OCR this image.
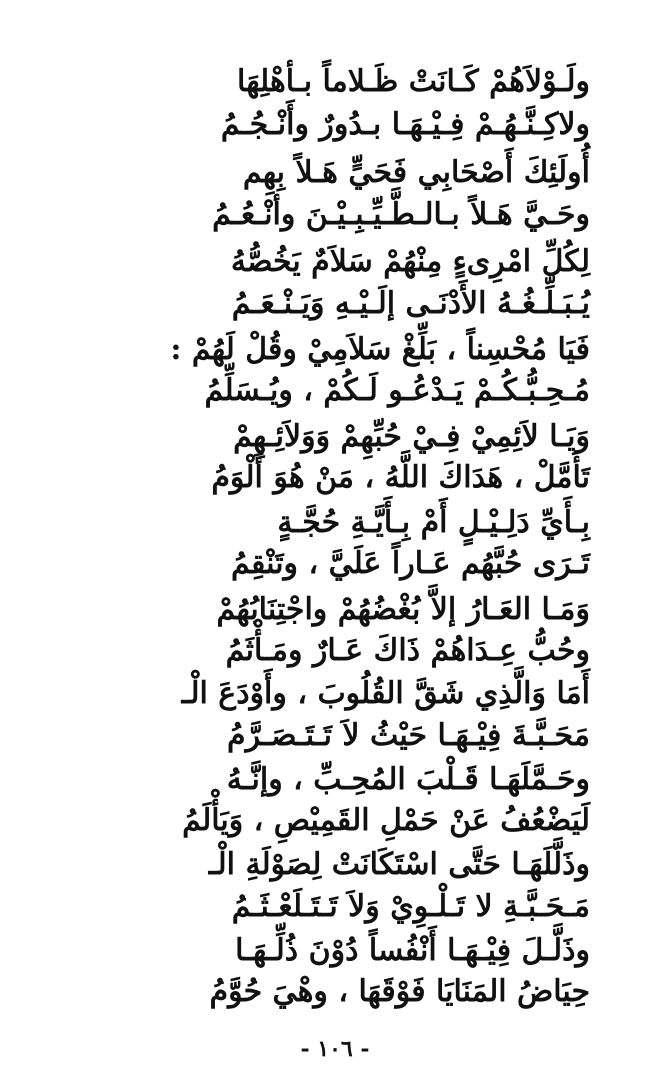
ولَـوْلاَهُمْ كَـانَتْ ظَـلاماً بـأهْلِهَا
ولاكِـنَّـهُـمْ فِـيْـهَـا بـدُورٌ وأَنْـجُـمُ
أُولَئِكَ أَصْحَابِي فَحَيٍّ هَـلاً بِهِم
وحَـيَّ هَـلاً بـالـطَّـيِّـبِـيْـنَ وأنْـعُـمُ
لِكُلِّ امْرِىءٍ مِنْهُمْ سَلاَمٌ يَخُصُّهُ
يُـبَـلِّـغُـهُ الأَدْنَـى إلَـيْـهِ وَيَـنْـعَـمُ
فَيَا مُحْسِناً ، بَلِّغْ سَلاَمِيْ وقُلْ لَهُمْ :
مُـحِـبُّـكُـمْ يَـدْعُـو لَـكُمْ ، ويُـسَلِّمُ
وَيَـا لاَئِمِيْ فِـيْ حُبِّهِمْ وَوَلاَئِـهِمْ
تَأَمَّلْ ، هَدَاكَ اللَّهُ ، مَنْ هُوَ أَلْوَمُ
بِـأَيِّ دَلِـيْـلٍ أَمْ بِـأَيَّـةِ حُجَّـةٍ
تَـرَى حُبَّهُم عَـاراً عَلَيَّ ، وتَنْقِمُ
وَمَـا العَـارُ إلاَّ بُغْضُهُمْ واجْتِنَابُهُمْ
وحُبُّ عِـدَاهُمْ ذَاكَ عَـارٌ ومَـأْثَمُ
أَمَا وَالَّذِي شَقَّ القُلُوبَ ، وأَوْدَعَ الْـ
مَحَـبَّـةَ فِيْـهَـا حَيْثُ لاَ تَـتَـصَـرَّمُ
وحَـمَّلَهَـا قَـلْبَ المُحِـبِّ ، وإنَّـهُ
لَيَضْعُفُ عَنْ حَمْلِ القَمِيْصِ ، وَيَأْلَمُ
وذَلَّلَهَـا حَتَّى اسْتَكَانَتْ لِصَوْلَةِ الْـ
مَـحَـبَّـةِ لا تَـلْـوِيْ وَلاَ تَـتَـلَعْـثَـمُ
وذَلَّـلَ فِيْـهَـا أَنْفُساً دُوْنَ ذُلِّـهَـا
حِيَاضُ المَنَايَا فَوْقَهَا ، وهْيَ حُوَّمُ
- ١٠٦ -
